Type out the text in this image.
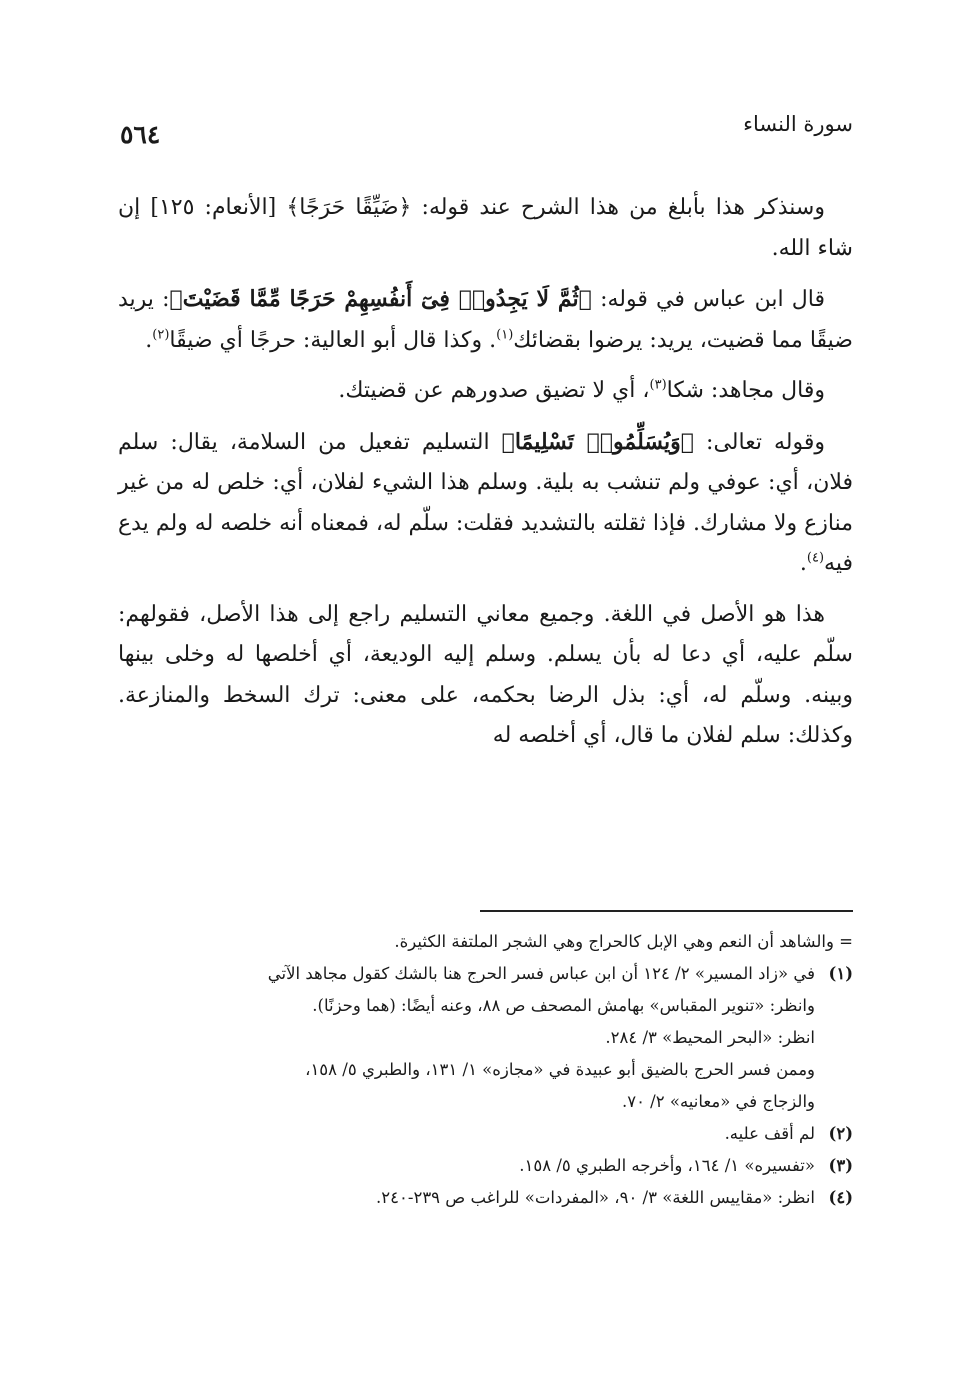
٥٦٤	سورة النساء

وسنذكر هذا بأبلغ من هذا الشرح عند قوله: ﴿ضَيِّقًا حَرَجًا﴾ [الأنعام: ١٢٥] إن شاء الله.

قال ابن عباس في قوله: ﴿ثُمَّ لَا يَجِدُوا۟ فِىٓ أَنفُسِهِمْ حَرَجًا مِّمَّا قَضَيْتَ﴾: يريد ضيقًا مما قضيت، يريد: يرضوا بقضائك$^{(١)}$. وكذا قال أبو العالية: حرجًا أي ضيقًا$^{(٢)}$.

وقال مجاهد: شكا$^{(٣)}$، أي لا تضيق صدورهم عن قضيتك.

وقوله تعالى: ﴿وَيُسَلِّمُوا۟ تَسْلِيمًا﴾ التسليم تفعيل من السلامة، يقال: سلم فلان، أي: عوفي ولم تنشب به بلية. وسلم هذا الشيء لفلان، أي: خلص له من غير منازع ولا مشارك. فإذا ثقلته بالتشديد فقلت: سلّم له، فمعناه أنه خلصه له ولم يدع فيه$^{(٤)}$.

هذا هو الأصل في اللغة. وجميع معاني التسليم راجع إلى هذا الأصل، فقولهم: سلّم عليه، أي دعا له بأن يسلم. وسلم إليه الوديعة، أي أخلصها له وخلى بينها وبينه. وسلّم له، أي: بذل الرضا بحكمه، على معنى: ترك السخط والمنازعة. وكذلك: سلم لفلان ما قال، أي أخلصه له

= والشاهد أن النعم وهي الإبل كالحراج وهي الشجر الملتفة الكثيرة.
(١)
في «زاد المسير» ٢/ ١٢٤ أن ابن عباس فسر الحرج هنا بالشك كقول مجاهد الآتي
وانظر: «تنوير المقباس» بهامش المصحف ص ٨٨، وعنه أيضًا: (هما وحزنًا).
انظر: «البحر المحيط» ٣/ ٢٨٤.
وممن فسر الحرج بالضيق أبو عبيدة في «مجازه» ١/ ١٣١، والطبري ٥/ ١٥٨،
والزجاج في «معانيه» ٢/ ٧٠.
(٢)
لم أقف عليه.
(٣)
«تفسيره» ١/ ١٦٤، وأخرجه الطبري ٥/ ١٥٨.
(٤)
انظر: «مقاييس اللغة» ٣/ ٩٠، «المفردات» للراغب ص ٢٣٩-٢٤٠.
